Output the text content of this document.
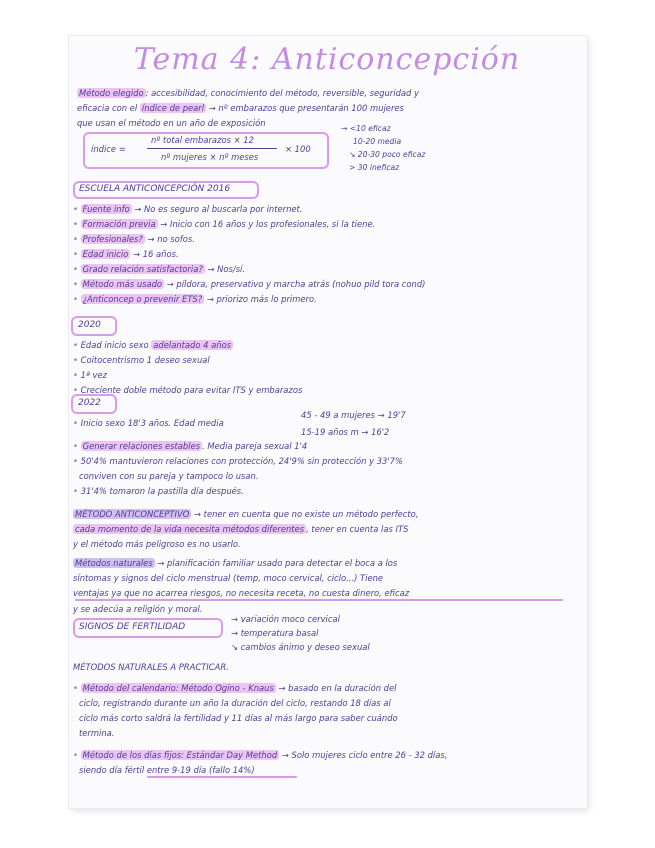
Tema 4: Anticoncepción
Método elegido : accesibilidad, conocimiento del método, reversible, seguridad y
eficacia con el índice de pearl → nº embarazos que presentarán 100 mujeres
que usan el método en un año de exposición
índice =
nº total embarazos × 12
nº mujeres × nº meses
× 100
→ <10 eficaz
10-20 media
↘ 20-30 poco eficaz
> 30 ineficaz
ESCUELA ANTICONCEPCIÓN 2016
• Fuente info → No es seguro al buscarla por internet.
• Formación previa → Inicio con 16 años y los profesionales, si la tiene.
• Profesionales? → no sofos.
• Edad inicio → 16 años.
• Grado relación satisfactoria? → Nos/sí.
• Método más usado → píldora, preservativo y marcha atrás (nohuo pild tora cond)
• ¿Anticoncep o prevenir ETS? → priorizo más lo primero.
2020
• Edad inicio sexo adelantado 4 años
• Coitocentrismo 1 deseo sexual
• 1ª vez
• Creciente doble método para evitar ITS y embarazos
2022
• Inicio sexo 18'3 años. Edad media
45 - 49 a mujeres → 19'7
15-19 años m → 16'2
• Generar relaciones estables . Media pareja sexual 1'4
• 50'4% mantuvieron relaciones con protección, 24'9% sin protección y 33'7%
conviven con su pareja y tampoco lo usan.
• 31'4% tomaron la pastilla día después.
MÉTODO ANTICONCEPTIVO → tener en cuenta que no existe un método perfecto,
cada momento de la vida necesita métodos diferentes , tener en cuenta las ITS
y el método más peligroso es no usarlo.
Métodos naturales → planificación familiar usado para detectar el boca a los
síntomas y signos del ciclo menstrual (temp, moco cervical, ciclo...) Tiene
ventajas ya que no acarrea riesgos, no necesita receta, no cuesta dinero, eficaz
y se adecúa a religión y moral.
SIGNOS DE FERTILIDAD
→ variación moco cervical
→ temperatura basal
↘ cambios ánimo y deseo sexual
MÉTODOS NATURALES A PRACTICAR.
• Método del calendario: Método Ogino - Knaus → basado en la duración del
ciclo, registrando durante un año la duración del ciclo, restando 18 días al
ciclo más corto saldrá la fertilidad y 11 días al más largo para saber cuándo
termina.
• Método de los días fijos: Estándar Day Method → Solo mujeres ciclo entre 26 - 32 días,
siendo día fértil entre 9-19 día (fallo 14%)
